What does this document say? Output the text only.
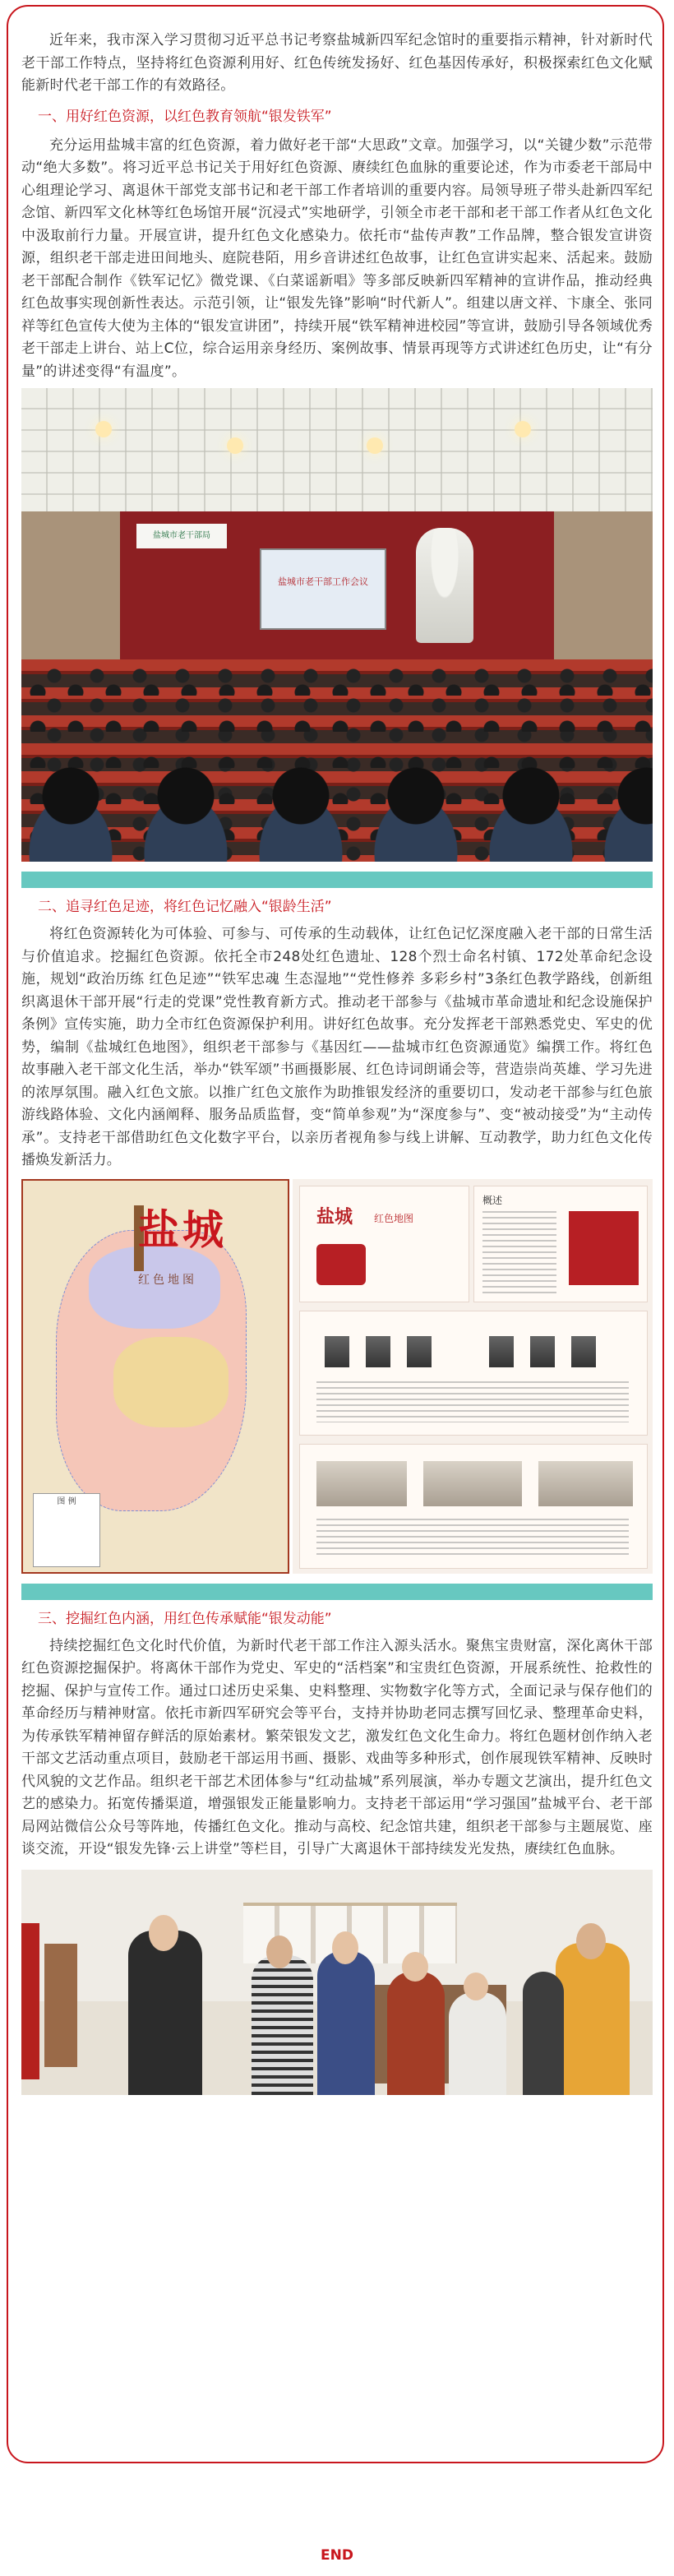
近年来，我市深入学习贯彻习近平总书记考察盐城新四军纪念馆时的重要指示精神，针对新时代老干部工作特点，坚持将红色资源利用好、红色传统发扬好、红色基因传承好，积极探索红色文化赋能新时代老干部工作的有效路径。

一、用好红色资源，以红色教育领航“银发铁军”

充分运用盐城丰富的红色资源，着力做好老干部“大思政”文章。加强学习，以“关键少数”示范带动“绝大多数”。将习近平总书记关于用好红色资源、赓续红色血脉的重要论述，作为市委老干部局中心组理论学习、离退休干部党支部书记和老干部工作者培训的重要内容。局领导班子带头赴新四军纪念馆、新四军文化林等红色场馆开展“沉浸式”实地研学，引领全市老干部和老干部工作者从红色文化中汲取前行力量。开展宣讲，提升红色文化感染力。依托市“盐传声教”工作品牌，整合银发宣讲资源，组织老干部走进田间地头、庭院巷陌，用乡音讲述红色故事，让红色宣讲实起来、活起来。鼓励老干部配合制作《铁军记忆》微党课、《白菜谣新唱》等多部反映新四军精神的宣讲作品，推动经典红色故事实现创新性表达。示范引领，让“银发先锋”影响“时代新人”。组建以唐文祥、卞康全、张同祥等红色宣传大使为主体的“银发宣讲团”，持续开展“铁军精神进校园”等宣讲，鼓励引导各领域优秀老干部走上讲台、站上C位，综合运用亲身经历、案例故事、情景再现等方式讲述红色历史，让“有分量”的讲述变得“有温度”。

盐城市老干部局
盐城市老干部工作会议

二、追寻红色足迹，将红色记忆融入“银龄生活”

将红色资源转化为可体验、可参与、可传承的生动载体，让红色记忆深度融入老干部的日常生活与价值追求。挖掘红色资源。依托全市248处红色遗址、128个烈士命名村镇、172处革命纪念设施，规划“政治历练 红色足迹”“铁军忠魂 生态湿地”“党性修养 多彩乡村”3条红色教学路线，创新组织离退休干部开展“行走的党课”党性教育新方式。推动老干部参与《盐城市革命遗址和纪念设施保护条例》宣传实施，助力全市红色资源保护利用。讲好红色故事。充分发挥老干部熟悉党史、军史的优势，编制《盐城红色地图》，组织老干部参与《基因红——盐城市红色资源通览》编撰工作。将红色故事融入老干部文化生活，举办“铁军颂”书画摄影展、红色诗词朗诵会等，营造崇尚英雄、学习先进的浓厚氛围。融入红色文旅。以推广红色文旅作为助推银发经济的重要切口，发动老干部参与红色旅游线路体验、文化内涵阐释、服务品质监督，变“简单参观”为“深度参与”、变“被动接受”为“主动传承”。支持老干部借助红色文化数字平台，以亲历者视角参与线上讲解、互动教学，助力红色文化传播焕发新活力。

盐城
红色地图
图 例
盐城 红色地图
概述

三、挖掘红色内涵，用红色传承赋能“银发动能”

持续挖掘红色文化时代价值，为新时代老干部工作注入源头活水。聚焦宝贵财富，深化离休干部红色资源挖掘保护。将离休干部作为党史、军史的“活档案”和宝贵红色资源，开展系统性、抢救性的挖掘、保护与宣传工作。通过口述历史采集、史料整理、实物数字化等方式，全面记录与保存他们的革命经历与精神财富。依托市新四军研究会等平台，支持并协助老同志撰写回忆录、整理革命史料，为传承铁军精神留存鲜活的原始素材。繁荣银发文艺，激发红色文化生命力。将红色题材创作纳入老干部文艺活动重点项目，鼓励老干部运用书画、摄影、戏曲等多种形式，创作展现铁军精神、反映时代风貌的文艺作品。组织老干部艺术团体参与“红动盐城”系列展演，举办专题文艺演出，提升红色文艺的感染力。拓宽传播渠道，增强银发正能量影响力。支持老干部运用“学习强国”盐城平台、老干部局网站微信公众号等阵地，传播红色文化。推动与高校、纪念馆共建，组织老干部参与主题展览、座谈交流，开设“银发先锋·云上讲堂”等栏目，引导广大离退休干部持续发光发热，赓续红色血脉。

END
